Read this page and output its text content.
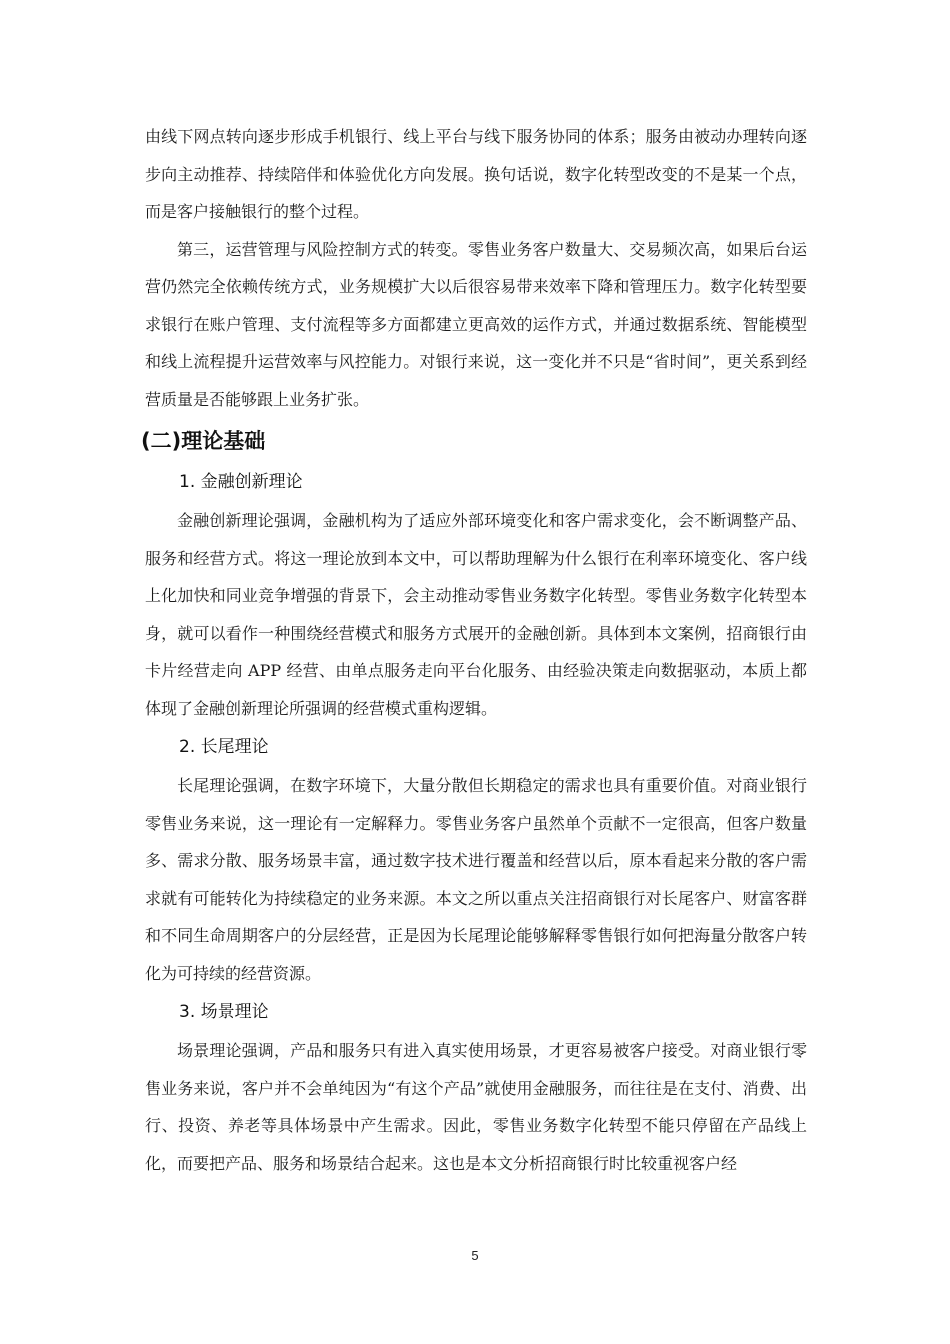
由线下网点转向逐步形成手机银行、线上平台与线下服务协同的体系；服务由被动办理转向逐步向主动推荐、持续陪伴和体验优化方向发展。换句话说，数字化转型改变的不是某一个点，而是客户接触银行的整个过程。

第三，运营管理与风险控制方式的转变。零售业务客户数量大、交易频次高，如果后台运营仍然完全依赖传统方式，业务规模扩大以后很容易带来效率下降和管理压力。数字化转型要求银行在账户管理、支付流程等多方面都建立更高效的运作方式，并通过数据系统、智能模型和线上流程提升运营效率与风控能力。对银行来说，这一变化并不只是“省时间”，更关系到经营质量是否能够跟上业务扩张。

(二)理论基础
1. 金融创新理论

金融创新理论强调，金融机构为了适应外部环境变化和客户需求变化，会不断调整产品、服务和经营方式。将这一理论放到本文中，可以帮助理解为什么银行在利率环境变化、客户线上化加快和同业竞争增强的背景下，会主动推动零售业务数字化转型。零售业务数字化转型本身，就可以看作一种围绕经营模式和服务方式展开的金融创新。具体到本文案例，招商银行由卡片经营走向 APP 经营、由单点服务走向平台化服务、由经验决策走向数据驱动，本质上都体现了金融创新理论所强调的经营模式重构逻辑。

2. 长尾理论

长尾理论强调，在数字环境下，大量分散但长期稳定的需求也具有重要价值。对商业银行零售业务来说，这一理论有一定解释力。零售业务客户虽然单个贡献不一定很高，但客户数量多、需求分散、服务场景丰富，通过数字技术进行覆盖和经营以后，原本看起来分散的客户需求就有可能转化为持续稳定的业务来源。本文之所以重点关注招商银行对长尾客户、财富客群和不同生命周期客户的分层经营，正是因为长尾理论能够解释零售银行如何把海量分散客户转化为可持续的经营资源。

3. 场景理论

场景理论强调，产品和服务只有进入真实使用场景，才更容易被客户接受。对商业银行零售业务来说，客户并不会单纯因为“有这个产品”就使用金融服务，而往往是在支付、消费、出行、投资、养老等具体场景中产生需求。因此，零售业务数字化转型不能只停留在产品线上化，而要把产品、服务和场景结合起来。这也是本文分析招商银行时比较重视客户经

5
